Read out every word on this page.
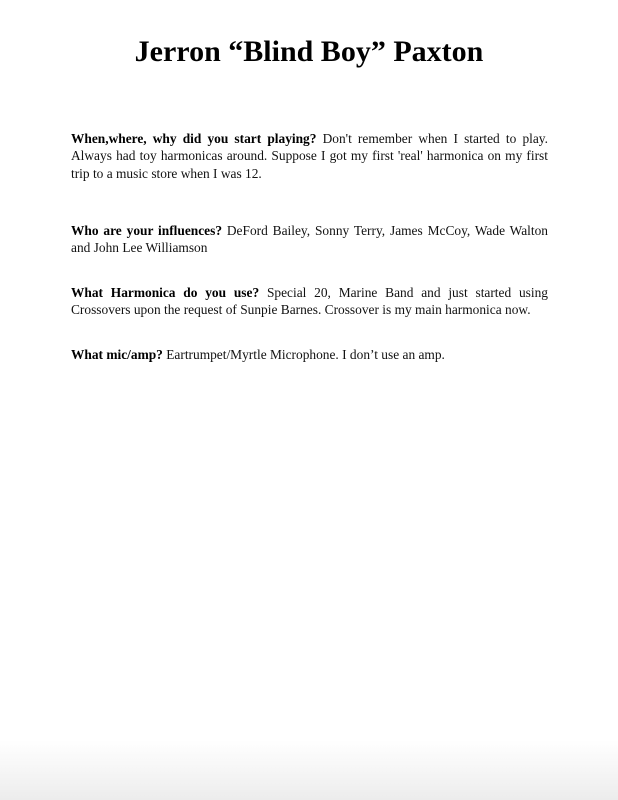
Jerron “Blind Boy” Paxton

When,where, why did you start playing? Don't remember when I started to play. Always had toy harmonicas around. Suppose I got my first 'real' harmonica on my first trip to a music store when I was 12.

Who are your influences? DeFord Bailey, Sonny Terry, James McCoy, Wade Walton and John Lee Williamson

What Harmonica do you use? Special 20, Marine Band and just started using Crossovers upon the request of Sunpie Barnes. Crossover is my main harmonica now.

What mic/amp? Eartrumpet/Myrtle Microphone. I don’t use an amp.
